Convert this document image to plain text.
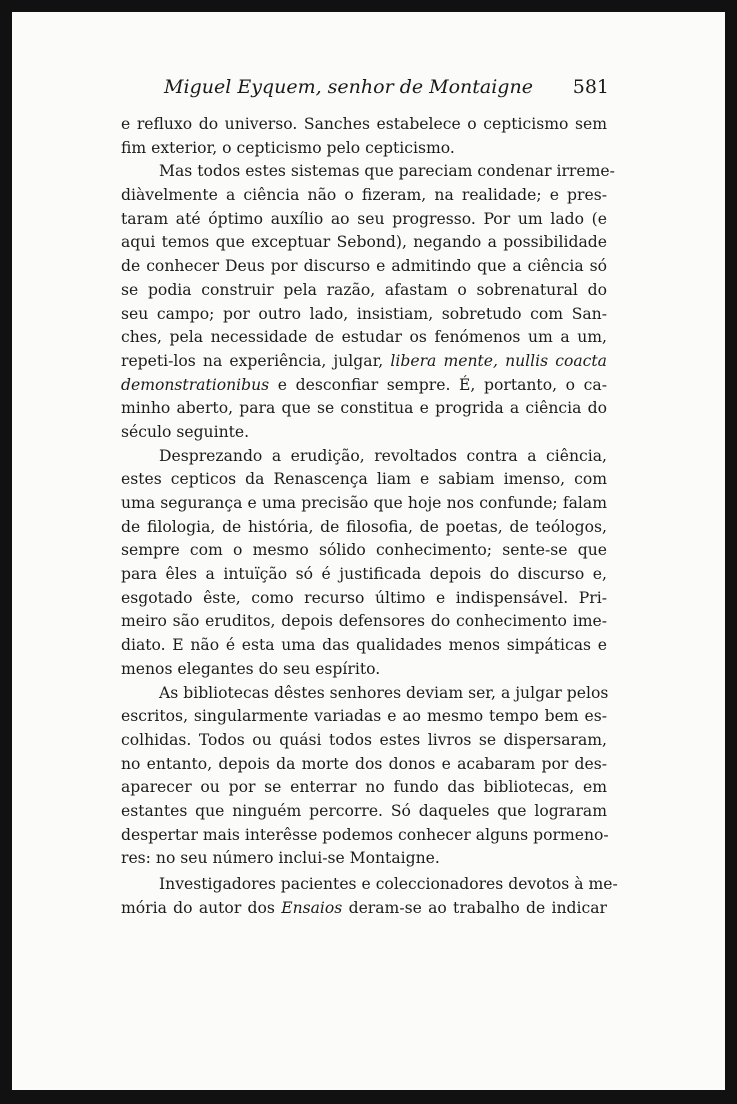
Miguel Eyquem, senhor de Montaigne	581
e refluxo do universo. Sanches estabelece o cepticismo sem
fim exterior, o cepticismo pelo cepticismo.
Mas todos estes sistemas que pareciam condenar irreme-
diàvelmente a ciência não o fizeram, na realidade; e pres-
taram até óptimo auxílio ao seu progresso. Por um lado (e
aqui temos que exceptuar Sebond), negando a possibilidade
de conhecer Deus por discurso e admitindo que a ciência só
se podia construir pela razão, afastam o sobrenatural do
seu campo; por outro lado, insistiam, sobretudo com San-
ches, pela necessidade de estudar os fenómenos um a um,
repeti-los na experiência, julgar, libera mente, nullis coacta
demonstrationibus e desconfiar sempre. É, portanto, o ca-
minho aberto, para que se constitua e progrida a ciência do
século seguinte.
Desprezando a erudição, revoltados contra a ciência,
estes cepticos da Renascença liam e sabiam imenso, com
uma segurança e uma precisão que hoje nos confunde; falam
de filologia, de história, de filosofia, de poetas, de teólogos,
sempre com o mesmo sólido conhecimento; sente-se que
para êles a intuïção só é justificada depois do discurso e,
esgotado êste, como recurso último e indispensável. Pri-
meiro são eruditos, depois defensores do conhecimento ime-
diato. E não é esta uma das qualidades menos simpáticas e
menos elegantes do seu espírito.
As bibliotecas dêstes senhores deviam ser, a julgar pelos
escritos, singularmente variadas e ao mesmo tempo bem es-
colhidas. Todos ou quási todos estes livros se dispersaram,
no entanto, depois da morte dos donos e acabaram por des-
aparecer ou por se enterrar no fundo das bibliotecas, em
estantes que ninguém percorre. Só daqueles que lograram
despertar mais interêsse podemos conhecer alguns pormeno-
res: no seu número inclui-se Montaigne.
Investigadores pacientes e coleccionadores devotos à me-
mória do autor dos Ensaios deram-se ao trabalho de indicar
